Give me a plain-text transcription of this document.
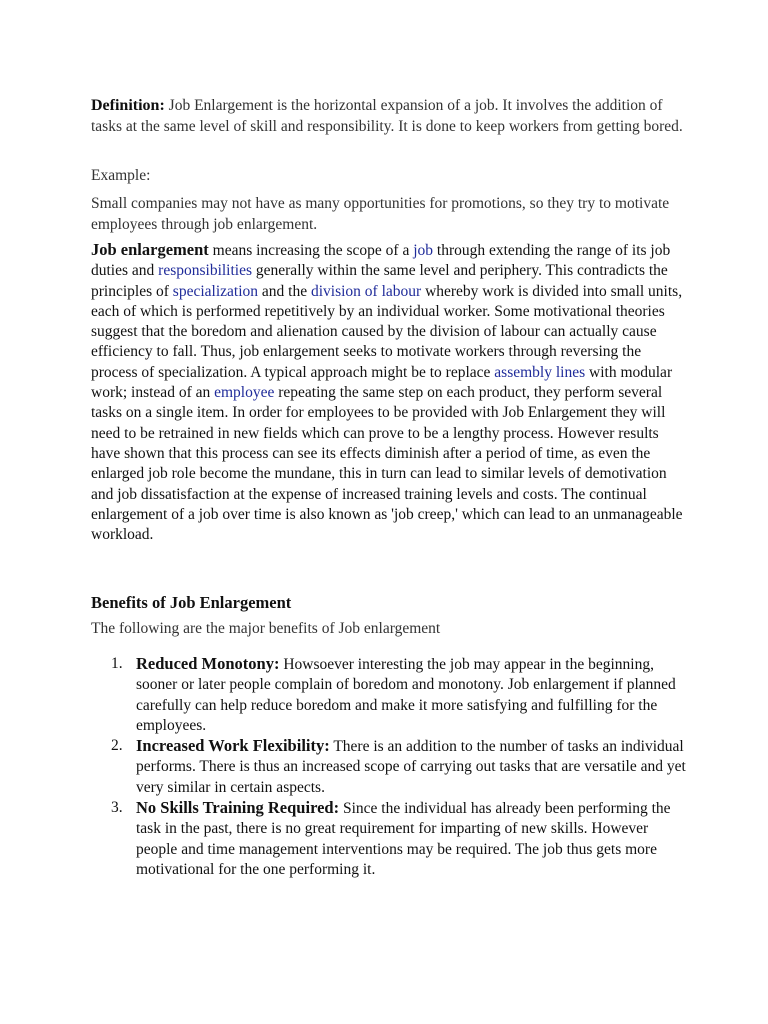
Definition: Job Enlargement is the horizontal expansion of a job. It involves the addition of tasks at the same level of skill and responsibility. It is done to keep workers from getting bored.

Example:

Small companies may not have as many opportunities for promotions, so they try to motivate employees through job enlargement.

Job enlargement means increasing the scope of a job through extending the range of its job duties and responsibilities generally within the same level and periphery. This contradicts the principles of specialization and the division of labour whereby work is divided into small units, each of which is performed repetitively by an individual worker. Some motivational theories suggest that the boredom and alienation caused by the division of labour can actually cause efficiency to fall. Thus, job enlargement seeks to motivate workers through reversing the process of specialization. A typical approach might be to replace assembly lines with modular work; instead of an employee repeating the same step on each product, they perform several tasks on a single item. In order for employees to be provided with Job Enlargement they will need to be retrained in new fields which can prove to be a lengthy process. However results have shown that this process can see its effects diminish after a period of time, as even the enlarged job role become the mundane, this in turn can lead to similar levels of demotivation and job dissatisfaction at the expense of increased training levels and costs. The continual enlargement of a job over time is also known as 'job creep,' which can lead to an unmanageable workload.

Benefits of Job Enlargement

The following are the major benefits of Job enlargement

1. Reduced Monotony: Howsoever interesting the job may appear in the beginning, sooner or later people complain of boredom and monotony. Job enlargement if planned carefully can help reduce boredom and make it more satisfying and fulfilling for the employees.
2. Increased Work Flexibility: There is an addition to the number of tasks an individual performs. There is thus an increased scope of carrying out tasks that are versatile and yet very similar in certain aspects.
3. No Skills Training Required: Since the individual has already been performing the task in the past, there is no great requirement for imparting of new skills. However people and time management interventions may be required. The job thus gets more motivational for the one performing it.
